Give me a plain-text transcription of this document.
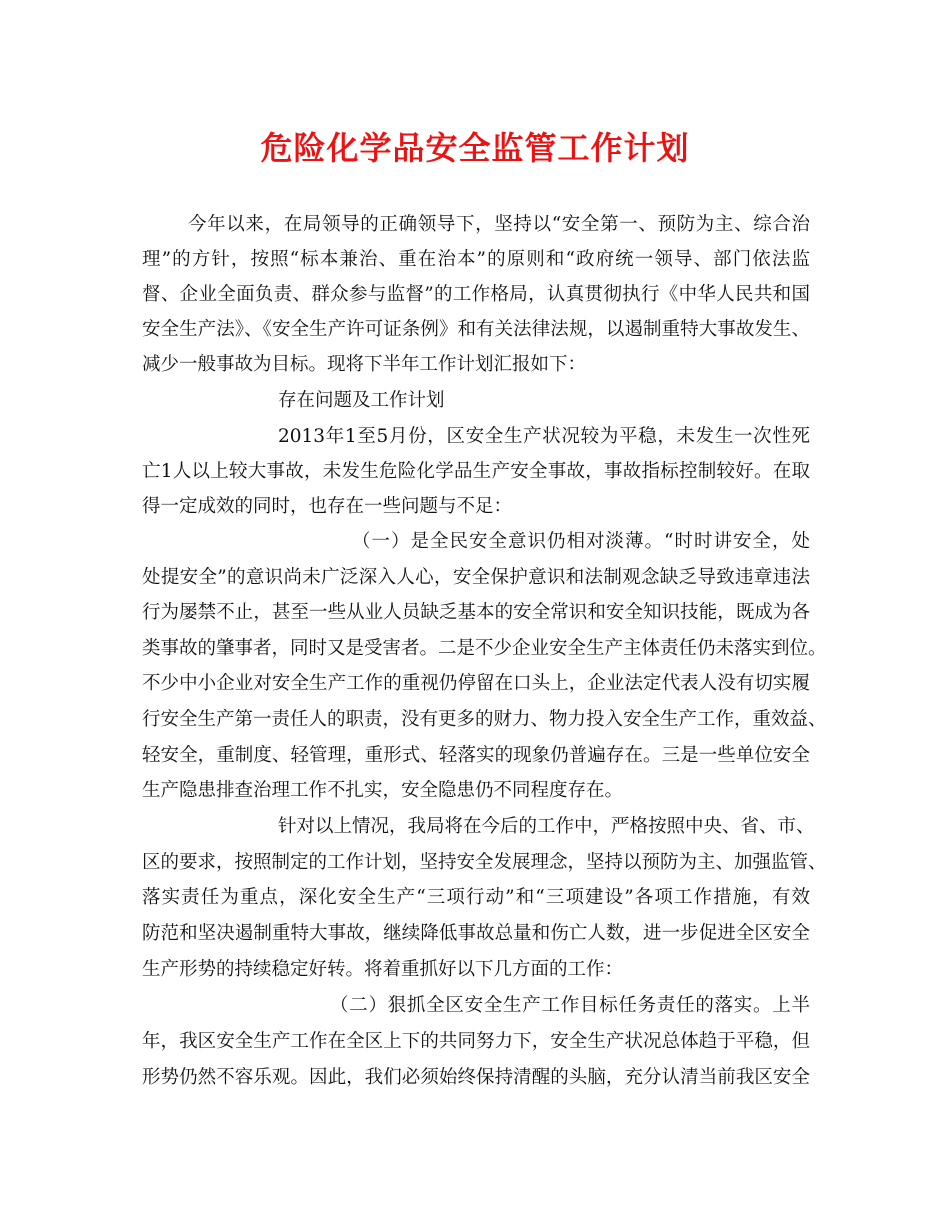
危险化学品安全监管工作计划

今年以来，在局领导的正确领导下，坚持以“安全第一、预防为主、综合治

理”的方针，按照“标本兼治、重在治本”的原则和“政府统一领导、部门依法监

督、企业全面负责、群众参与监督”的工作格局，认真贯彻执行《中华人民共和国

安全生产法》、《安全生产许可证条例》和有关法律法规，以遏制重特大事故发生、

减少一般事故为目标。现将下半年工作计划汇报如下：

存在问题及工作计划

2013年1至5月份，区安全生产状况较为平稳，未发生一次性死

亡1人以上较大事故，未发生危险化学品生产安全事故，事故指标控制较好。在取

得一定成效的同时，也存在一些问题与不足：

（一）是全民安全意识仍相对淡薄。“时时讲安全，处

处提安全”的意识尚未广泛深入人心，安全保护意识和法制观念缺乏导致违章违法

行为屡禁不止，甚至一些从业人员缺乏基本的安全常识和安全知识技能，既成为各

类事故的肇事者，同时又是受害者。二是不少企业安全生产主体责任仍未落实到位。

不少中小企业对安全生产工作的重视仍停留在口头上，企业法定代表人没有切实履

行安全生产第一责任人的职责，没有更多的财力、物力投入安全生产工作，重效益、

轻安全，重制度、轻管理，重形式、轻落实的现象仍普遍存在。三是一些单位安全

生产隐患排查治理工作不扎实，安全隐患仍不同程度存在。

针对以上情况，我局将在今后的工作中，严格按照中央、省、市、

区的要求，按照制定的工作计划，坚持安全发展理念，坚持以预防为主、加强监管、

落实责任为重点，深化安全生产“三项行动”和“三项建设”各项工作措施，有效

防范和坚决遏制重特大事故，继续降低事故总量和伤亡人数，进一步促进全区安全

生产形势的持续稳定好转。将着重抓好以下几方面的工作：

（二）狠抓全区安全生产工作目标任务责任的落实。上半

年，我区安全生产工作在全区上下的共同努力下，安全生产状况总体趋于平稳，但

形势仍然不容乐观。因此，我们必须始终保持清醒的头脑，充分认清当前我区安全
